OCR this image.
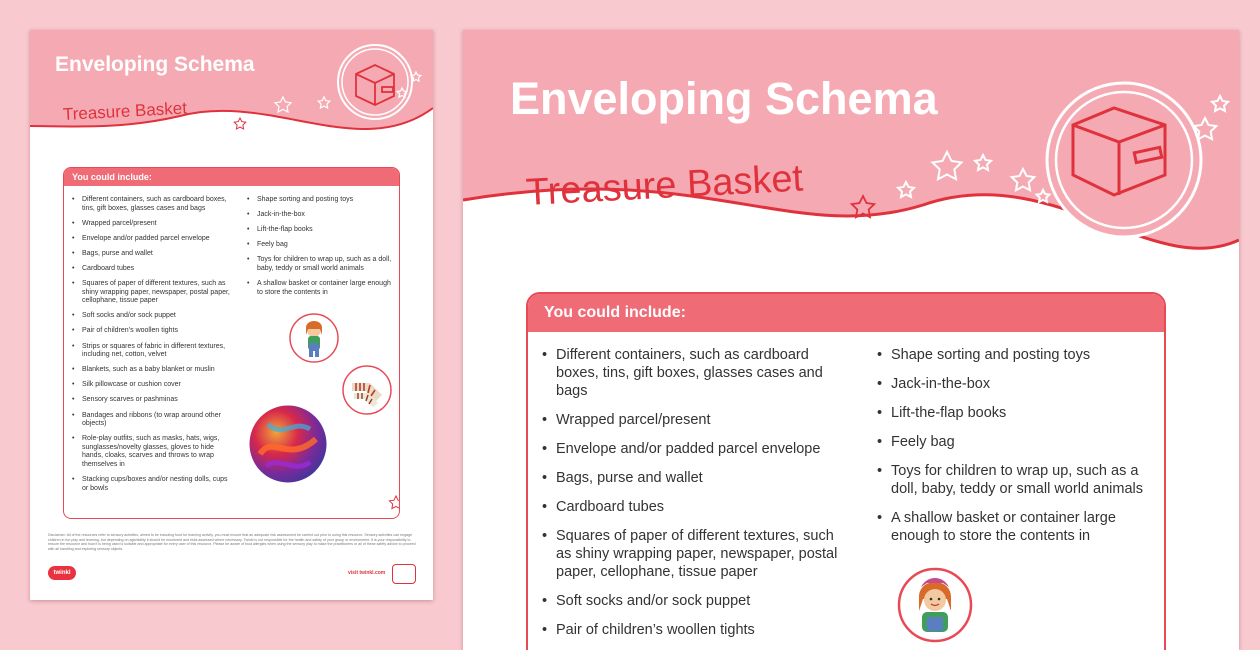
Enveloping Schema
Treasure Basket
You could include:
• Different containers, such as cardboard boxes, tins, gift boxes, glasses cases and bags
• Wrapped parcel/present
• Envelope and/or padded parcel envelope
• Bags, purse and wallet
• Cardboard tubes
• Squares of paper of different textures, such as shiny wrapping paper, newspaper, postal paper, cellophane, tissue paper
• Soft socks and/or sock puppet
• Pair of children’s woollen tights
• Strips or squares of fabric in different textures, including net, cotton, velvet
• Blankets, such as a baby blanket or muslin
• Silk pillowcase or cushion cover
• Sensory scarves or pashminas
• Bandages and ribbons (to wrap around other objects)
• Role-play outfits, such as masks, hats, wigs, sunglasses/novelty glasses, gloves to hide hands, cloaks, scarves and throws to wrap themselves in
• Stacking cups/boxes and/or nesting dolls, cups or bowls
• Shape sorting and posting toys
• Jack-in-the-box
• Lift-the-flap books
• Feely bag
• Toys for children to wrap up, such as a doll, baby, teddy or small world animals
• A shallow basket or container large enough to store the contents in
Disclaimer: All of the resources refer to sensory activities, aimed to be including food for learning activity, you must ensure that an adequate risk assessment be carried out prior to using this resource. Sensory activities can engage children in fun play and learning, but depending on age/ability it should be monitored and risks assessed where necessary. Twinkl is not responsible for the health and safety of your group or environment. It is your responsibility to ensure the resource and how it is being used is suitable and appropriate for every user of this resource. Please be aware of food allergies when using the sensory play to make the practitioners or all of these safety advice to proceed with all handling and exploring sensory objects.
twinkl	visit twinkl.com
Enveloping Schema
Treasure Basket
You could include:
• Different containers, such as cardboard boxes, tins, gift boxes, glasses cases and bags
• Wrapped parcel/present
• Envelope and/or padded parcel envelope
• Bags, purse and wallet
• Cardboard tubes
• Squares of paper of different textures, such as shiny wrapping paper, newspaper, postal paper, cellophane, tissue paper
• Soft socks and/or sock puppet
• Pair of children’s woollen tights
• Shape sorting and posting toys
• Jack-in-the-box
• Lift-the-flap books
• Feely bag
• Toys for children to wrap up, such as a doll, baby, teddy or small world animals
• A shallow basket or container large enough to store the contents in
